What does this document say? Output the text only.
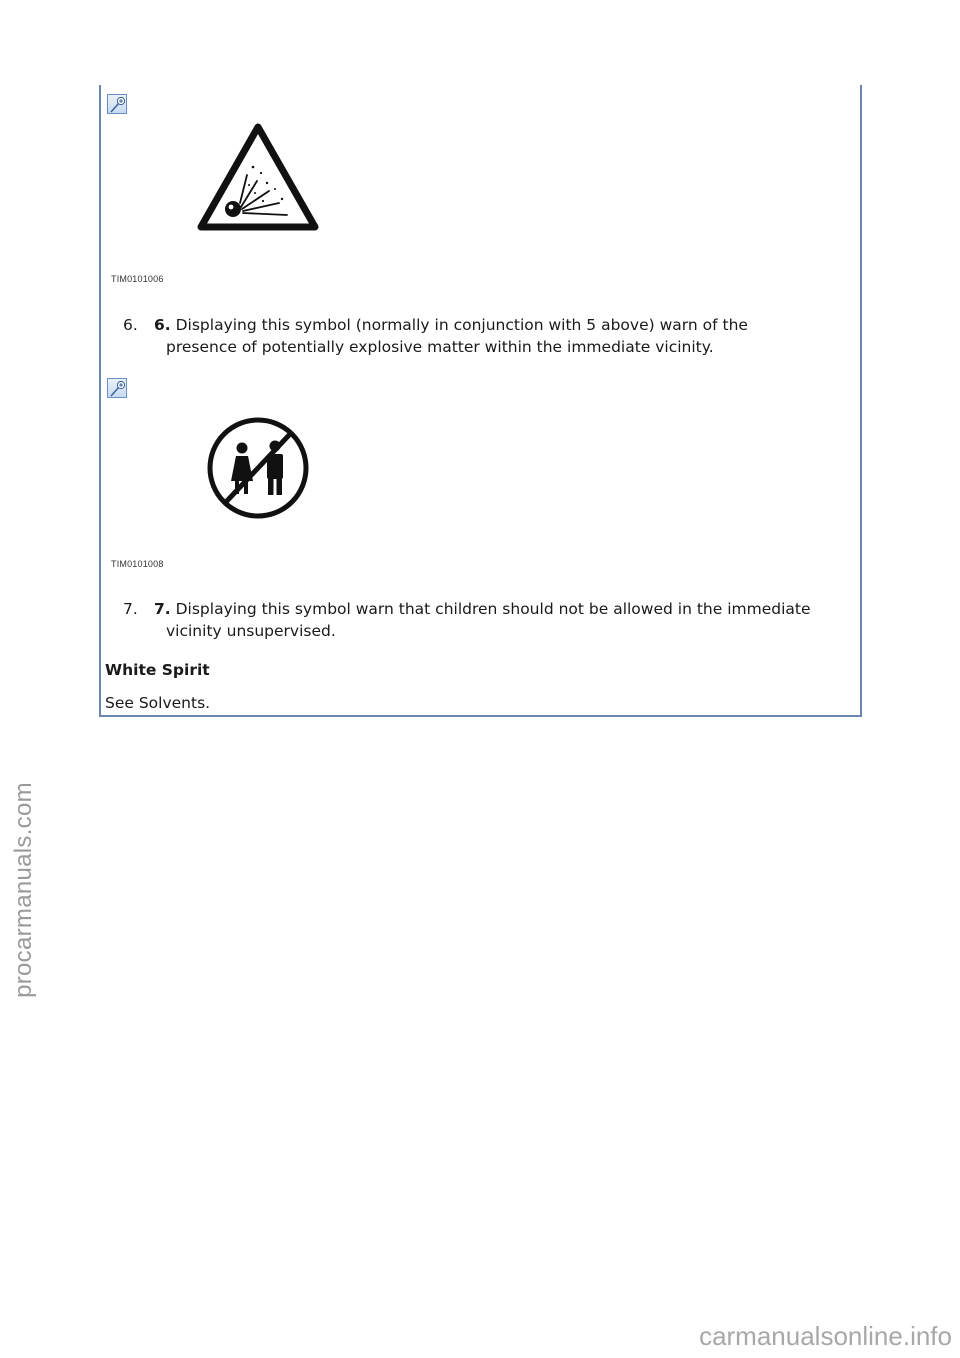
procarmanuals.com
TIM0101006
6. 6. Displaying this symbol (normally in conjunction with 5 above) warn of the
presence of potentially explosive matter within the immediate vicinity.
TIM0101008
7. 7. Displaying this symbol warn that children should not be allowed in the immediate
vicinity unsupervised.
White Spirit
See Solvents.
carmanualsonline.info
